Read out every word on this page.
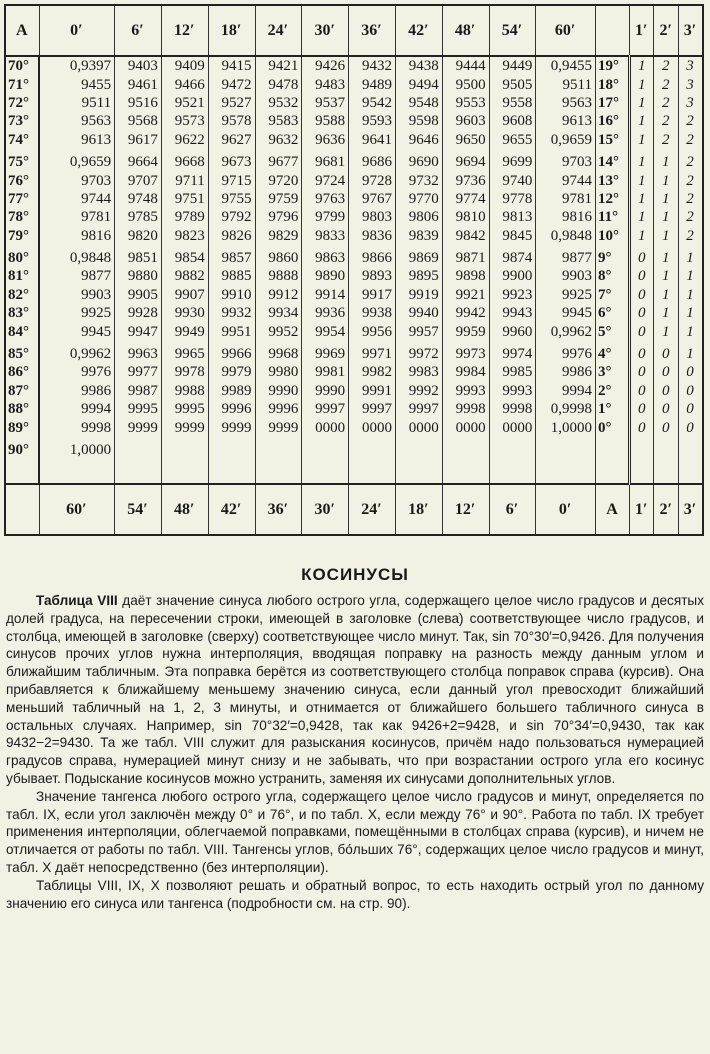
A	0′	6′	12′	18′	24′	30′	36′	42′	48′	54′	60′		1′	2′	3′
70°	0,9397	9403	9409	9415	9421	9426	9432	9438	9444	9449	0,9455	19°	1	2	3
71°	9455	9461	9466	9472	9478	9483	9489	9494	9500	9505	9511	18°	1	2	3
72°	9511	9516	9521	9527	9532	9537	9542	9548	9553	9558	9563	17°	1	2	3
73°	9563	9568	9573	9578	9583	9588	9593	9598	9603	9608	9613	16°	1	2	2
74°	9613	9617	9622	9627	9632	9636	9641	9646	9650	9655	0,9659	15°	1	2	2
75°	0,9659	9664	9668	9673	9677	9681	9686	9690	9694	9699	9703	14°	1	1	2
76°	9703	9707	9711	9715	9720	9724	9728	9732	9736	9740	9744	13°	1	1	2
77°	9744	9748	9751	9755	9759	9763	9767	9770	9774	9778	9781	12°	1	1	2
78°	9781	9785	9789	9792	9796	9799	9803	9806	9810	9813	9816	11°	1	1	2
79°	9816	9820	9823	9826	9829	9833	9836	9839	9842	9845	0,9848	10°	1	1	2
80°	0,9848	9851	9854	9857	9860	9863	9866	9869	9871	9874	9877	9°	0	1	1
81°	9877	9880	9882	9885	9888	9890	9893	9895	9898	9900	9903	8°	0	1	1
82°	9903	9905	9907	9910	9912	9914	9917	9919	9921	9923	9925	7°	0	1	1
83°	9925	9928	9930	9932	9934	9936	9938	9940	9942	9943	9945	6°	0	1	1
84°	9945	9947	9949	9951	9952	9954	9956	9957	9959	9960	0,9962	5°	0	1	1
85°	0,9962	9963	9965	9966	9968	9969	9971	9972	9973	9974	9976	4°	0	0	1
86°	9976	9977	9978	9979	9980	9981	9982	9983	9984	9985	9986	3°	0	0	0
87°	9986	9987	9988	9989	9990	9990	9991	9992	9993	9993	9994	2°	0	0	0
88°	9994	9995	9995	9996	9996	9997	9997	9997	9998	9998	0,9998	1°	0	0	0
89°	9998	9999	9999	9999	9999	0000	0000	0000	0000	0000	1,0000	0°	0	0	0
90°	1,0000														

	60′	54′	48′	42′	36′	30′	24′	18′	12′	6′	0′	A	1′	2′	3′
КОСИНУСЫ

Таблица VIII даёт значение синуса любого острого угла, содержащего целое число градусов и десятых долей градуса, на пересечении строки, имеющей в заголовке (слева) соответствующее число градусов, и столбца, имеющей в заголовке (сверху) соответствующее число минут. Так, sin 70°30′=0,9426. Для получения синусов прочих углов нужна интерполяция, вводящая поправку на разность между данным углом и ближайшим табличным. Эта поправка берётся из соответствующего столбца поправок справа (курсив). Она прибавляется к ближайшему меньшему значению синуса, если данный угол превосходит ближайший меньший табличный на 1, 2, 3 минуты, и отнимается от ближайшего большего табличного синуса в остальных случаях. Например, sin 70°32′=0,9428, так как 9426+2=9428, и sin 70°34′=0,9430, так как 9432−2=9430. Та же табл. VIII служит для разыскания косинусов, причём надо пользоваться нумерацией градусов справа, нумерацией минут снизу и не забывать, что при возрастании острого угла его косинус убывает. Подыскание косинусов можно устранить, заменяя их синусами дополнительных углов.

Значение тангенса любого острого угла, содержащего целое число градусов и минут, определяется по табл. IX, если угол заключён между 0° и 76°, и по табл. X, если между 76° и 90°. Работа по табл. IX требует применения интерполяции, облегчаемой поправками, помещёнными в столбцах справа (курсив), и ничем не отличается от работы по табл. VIII. Тангенсы углов, бо́льших 76°, содержащих целое число градусов и минут, табл. X даёт непосредственно (без интерполяции).

Таблицы VIII, IX, X позволяют решать и обратный вопрос, то есть находить острый угол по данному значению его синуса или тангенса (подробности см. на стр. 90).
